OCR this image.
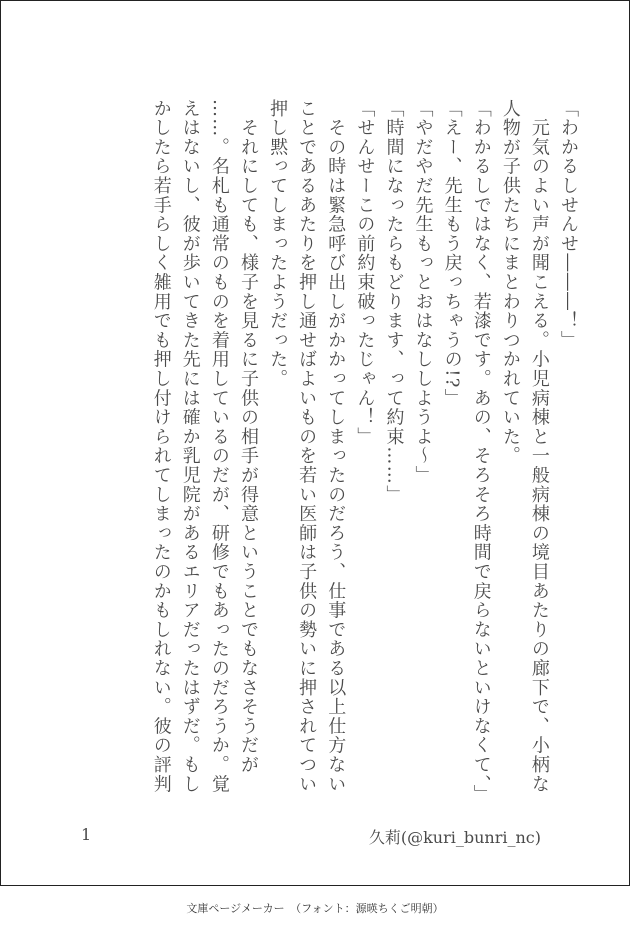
「わかるしせんせ―――！」
　元気のよい声が聞こえる。小児病棟と一般病棟の境目あたりの廊下で、小柄な
人物が子供たちにまとわりつかれていた。
「わかるしではなく、若漆です。あの、そろそろ時間で戻らないといけなくて、」
「えー、先生もう戻っちゃうの!?」
「やだやだ先生もっとおはなししようよ～」
「時間になったらもどります、って約束……」
「せんせーこの前約束破ったじゃん！」
　その時は緊急呼び出しがかかってしまったのだろう、仕事である以上仕方ない
ことであるあたりを押し通せばよいものを若い医師は子供の勢いに押されてつい
押し黙ってしまったようだった。
　それにしても、様子を見るに子供の相手が得意ということでもなさそうだが
……。名札も通常のものを着用しているのだが、研修でもあったのだろうか。覚
えはないし、彼が歩いてきた先には確か乳児院があるエリアだったはずだ。もし
かしたら若手らしく雑用でも押し付けられてしまったのかもしれない。彼の評判
1	久莉(@kuri_bunri_nc)
文庫ページメーカー　（フォント：源暎ちくご明朝）
